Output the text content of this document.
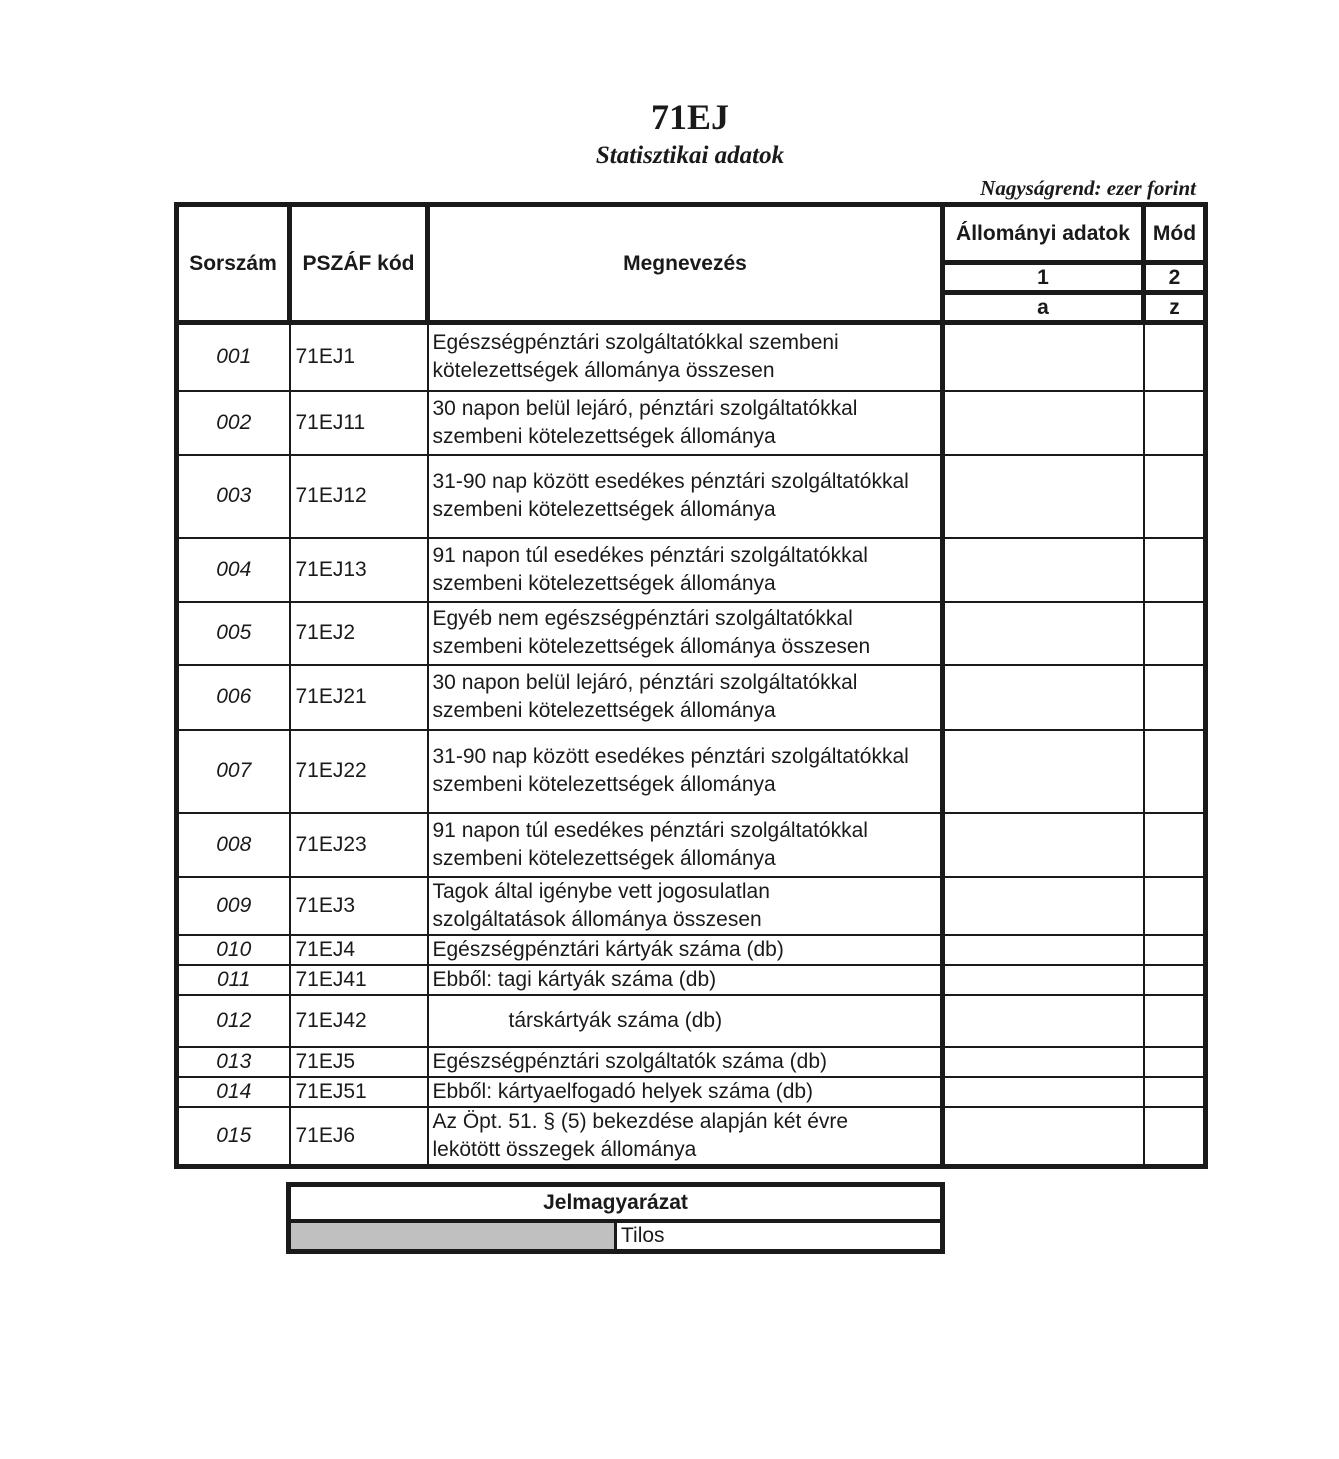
71EJ
Statisztikai adatok
Nagyságrend: ezer forint
Sorszám	PSZÁF kód	Megnevezés	Állományi adatok	Mód
			1	2
			a	z
001	71EJ1	Egészségpénztári szolgáltatókkal szembeni
kötelezettségek állománya összesen		
002	71EJ11	30 napon belül lejáró, pénztári szolgáltatókkal
szembeni kötelezettségek állománya		
003	71EJ12	31-90 nap között esedékes pénztári szolgáltatókkal
szembeni kötelezettségek állománya		
004	71EJ13	91 napon túl esedékes pénztári szolgáltatókkal
szembeni kötelezettségek állománya		
005	71EJ2	Egyéb nem egészségpénztári szolgáltatókkal
szembeni kötelezettségek állománya összesen		
006	71EJ21	30 napon belül lejáró, pénztári szolgáltatókkal
szembeni kötelezettségek állománya		
007	71EJ22	31-90 nap között esedékes pénztári szolgáltatókkal
szembeni kötelezettségek állománya		
008	71EJ23	91 napon túl esedékes pénztári szolgáltatókkal
szembeni kötelezettségek állománya		
009	71EJ3	Tagok által igénybe vett jogosulatlan
szolgáltatások állománya összesen		
010	71EJ4	Egészségpénztári kártyák száma (db)		
011	71EJ41	Ebből: tagi kártyák száma (db)		
012	71EJ42	társkártyák száma (db)		
013	71EJ5	Egészségpénztári szolgáltatók száma (db)		
014	71EJ51	Ebből: kártyaelfogadó helyek száma (db)		
015	71EJ6	Az Öpt. 51. § (5) bekezdése alapján két évre
lekötött összegek állománya		
Jelmagyarázat
	Tilos
